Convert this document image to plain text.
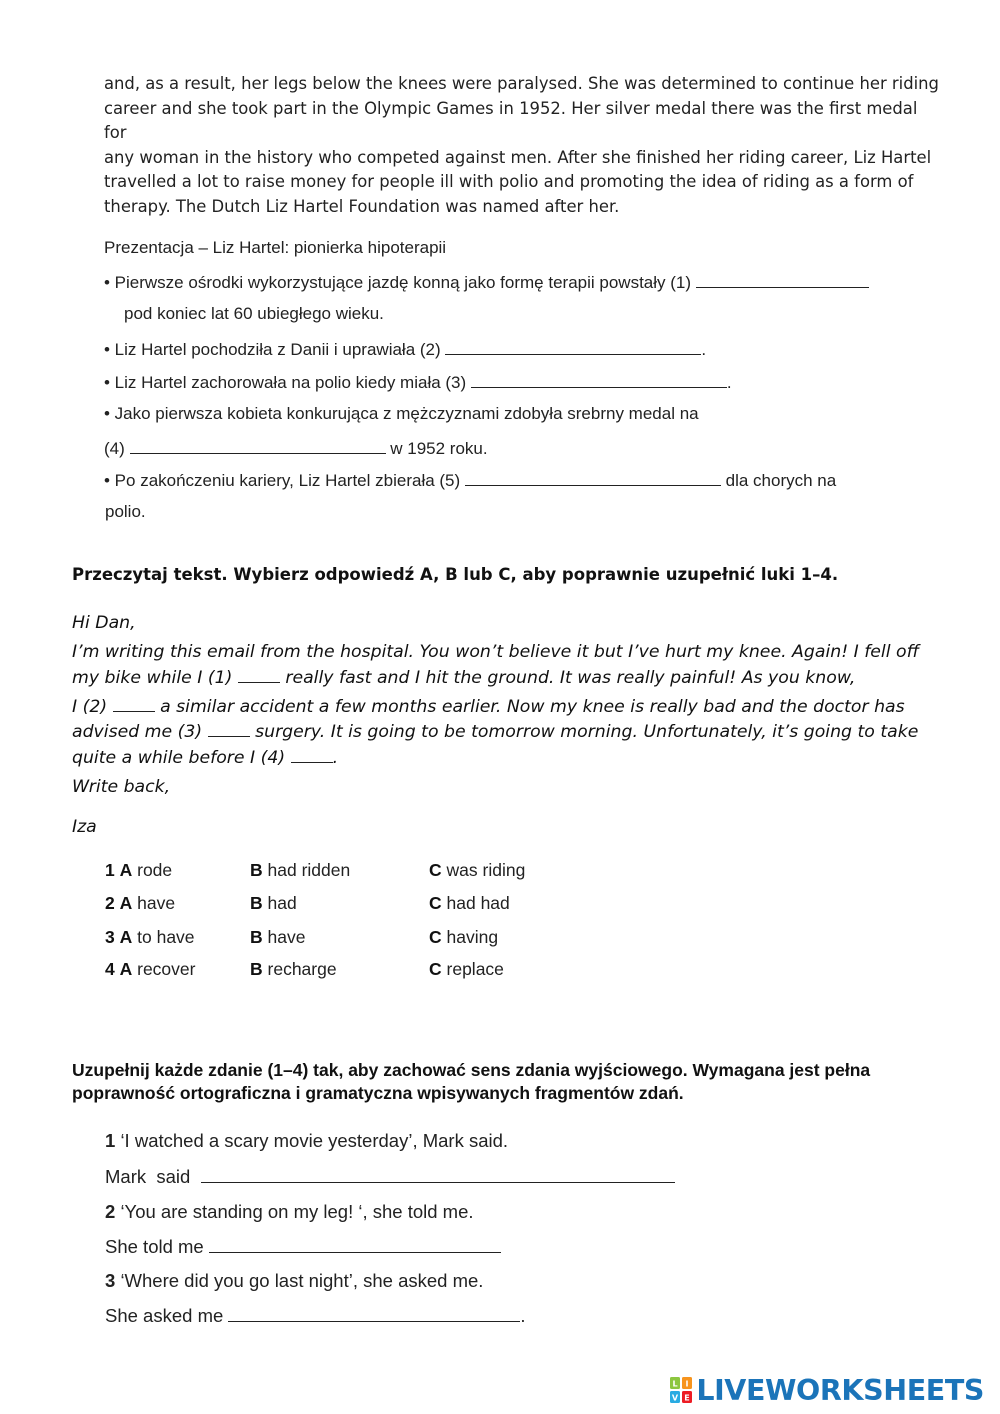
and, as a result, her legs below the knees were paralysed. She was determined to continue her riding
career and she took part in the Olympic Games in 1952. Her silver medal there was the first medal for
any woman in the history who competed against men. After she finished her riding career, Liz Hartel
travelled a lot to raise money for people ill with polio and promoting the idea of riding as a form of
therapy. The Dutch Liz Hartel Foundation was named after her.
Prezentacja – Liz Hartel: pionierka hipoterapii
• Pierwsze ośrodki wykorzystujące jazdę konną jako formę terapii powstały (1)
pod koniec lat 60 ubiegłego wieku.
• Liz Hartel pochodziła z Danii i uprawiała (2)	.
• Liz Hartel zachorowała na polio kiedy miała (3)	.
• Jako pierwsza kobieta konkurująca z mężczyznami zdobyła srebrny medal na
(4)	w 1952 roku.
• Po zakończeniu kariery, Liz Hartel zbierała (5)	dla chorych na
polio.
Przeczytaj tekst. Wybierz odpowiedź A, B lub C, aby poprawnie uzupełnić luki 1–4.
Hi Dan,
I’m writing this email from the hospital. You won’t believe it but I’ve hurt my knee. Again! I fell off
my bike while I (1)	really fast and I hit the ground. It was really painful! As you know,
I (2)	a similar accident a few months earlier. Now my knee is really bad and the doctor has
advised me (3)	surgery. It is going to be tomorrow morning. Unfortunately, it’s going to take
quite a while before I (4)	.
Write back,
Iza
1 A rode	B had ridden	C was riding
2 A have	B had	C had had
3 A to have	B have	C having
4 A recover	B recharge	C replace
Uzupełnij każde zdanie (1–4) tak, aby zachować sens zdania wyjściowego. Wymagana jest pełna poprawność ortograficzna i gramatyczna wpisywanych fragmentów zdań.
1 ‘I watched a scary movie yesterday’, Mark said.
Mark  said
2 ‘You are standing on my leg! ‘, she told me.
She told me
3 ‘Where did you go last night’, she asked me.
She asked me	.
L I
V E LIVEWORKSHEETS
